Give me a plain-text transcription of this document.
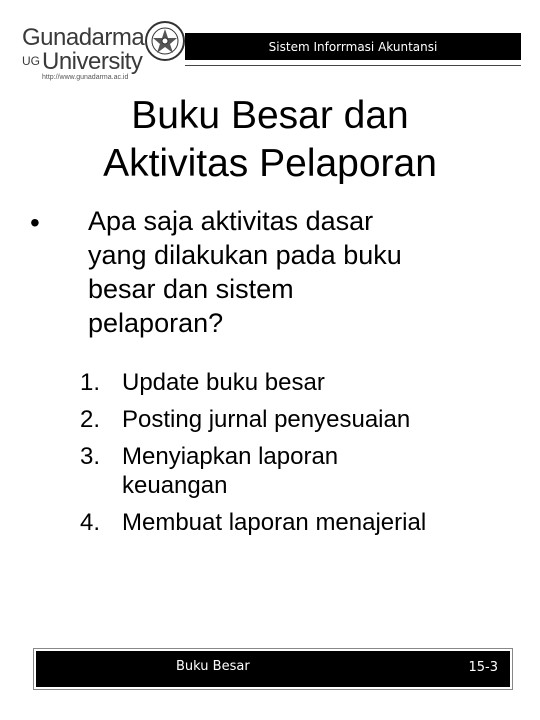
Gunadarma
UGUniversity
http://www.gunadarma.ac.id
Sistem Inforrmasi Akuntansi
Buku Besar dan
Aktivitas Pelaporan
• Apa saja aktivitas dasar
yang dilakukan pada buku
besar dan sistem
pelaporan?
1. Update buku besar
2. Posting jurnal penyesuaian
3. Menyiapkan laporan
keuangan
4. Membuat laporan menajerial
Buku Besar	15-3
